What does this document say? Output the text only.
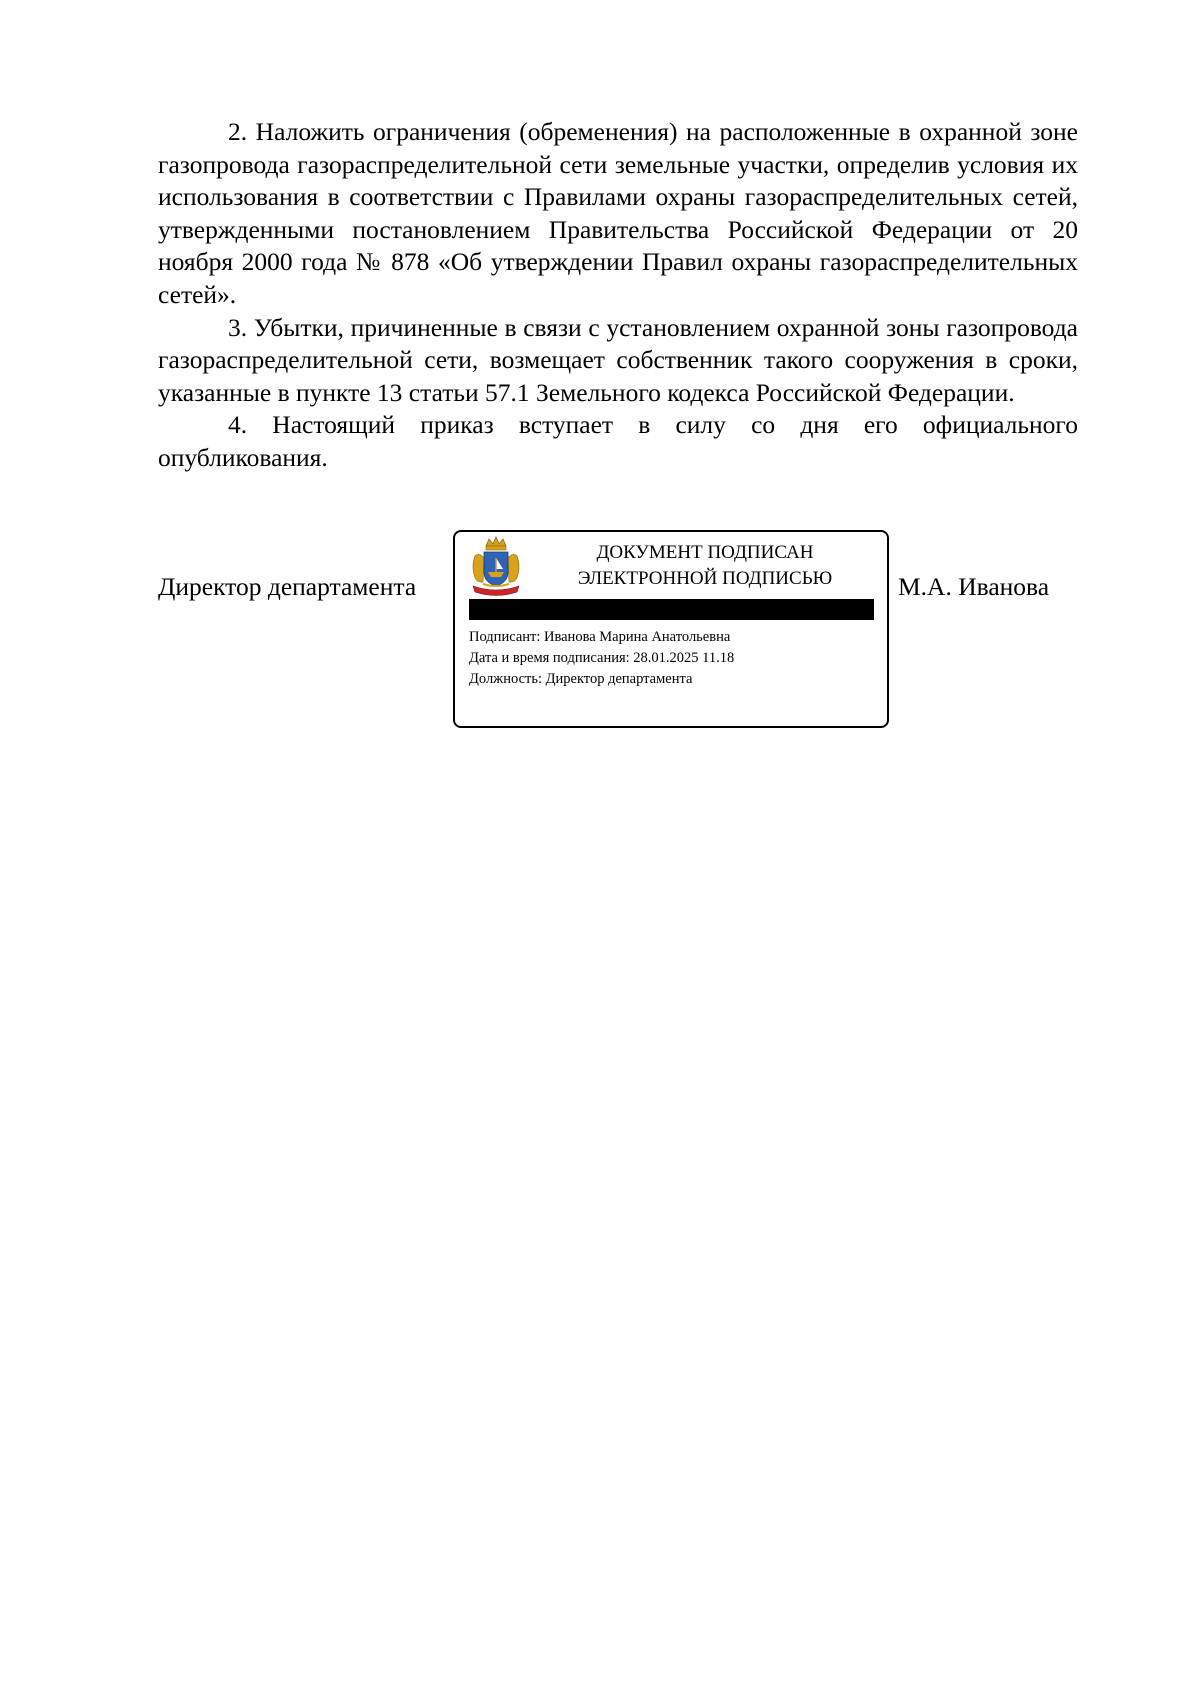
2. Наложить ограничения (обременения) на расположенные в охранной зоне газопровода газораспределительной сети земельные участки, определив условия их использования в соответствии с Правилами охраны газораспределительных сетей, утвержденными постановлением Правительства Российской Федерации от 20 ноября 2000 года № 878 «Об утверждении Правил охраны газораспределительных сетей».

3. Убытки, причиненные в связи с установлением охранной зоны газопровода газораспределительной сети, возмещает собственник такого сооружения в сроки, указанные в пункте 13 статьи 57.1 Земельного кодекса Российской Федерации.

4. Настоящий приказ вступает в силу со дня его официального опубликования.

Директор департамента
ДОКУМЕНТ ПОДПИСАН
ЭЛЕКТРОННОЙ ПОДПИСЬЮ
Подписант: Иванова Марина Анатольевна
Дата и время подписания: 28.01.2025 11.18
Должность: Директор департамента
М.А. Иванова
